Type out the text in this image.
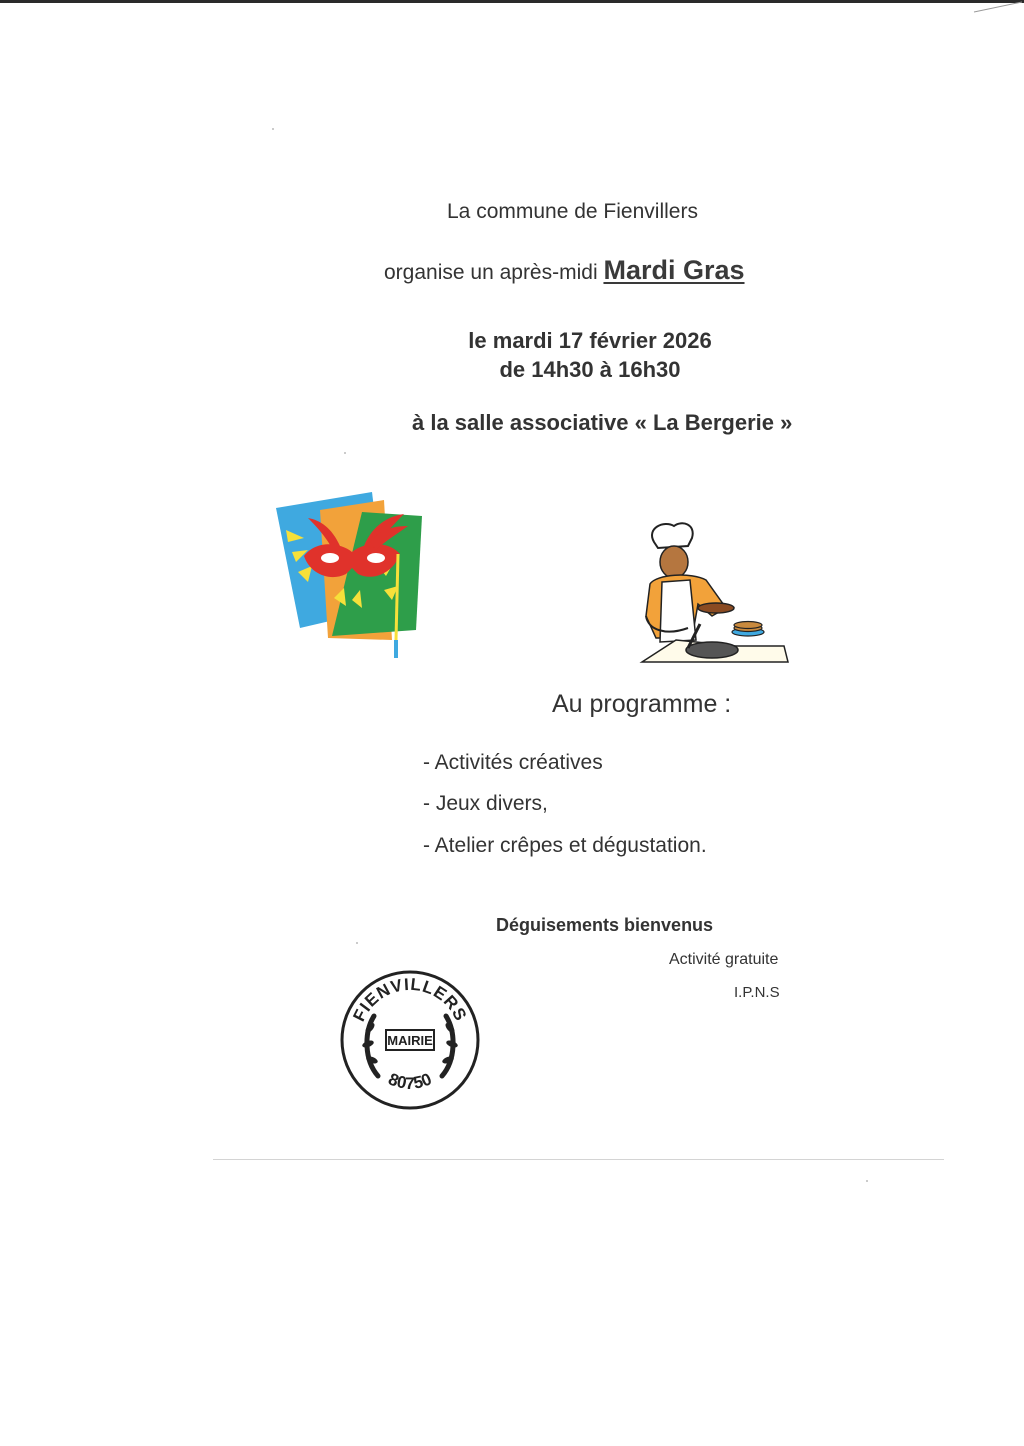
La commune de Fienvillers
organise un après-midi Mardi Gras
le mardi 17 février 2026
de 14h30 à 16h30
à la salle associative « La Bergerie »
Au programme :
- Activités créatives
- Jeux divers,
- Atelier crêpes et dégustation.
Déguisements bienvenus
Activité gratuite
I.P.N.S
FIENVILLERS
MAIRIE
80750
